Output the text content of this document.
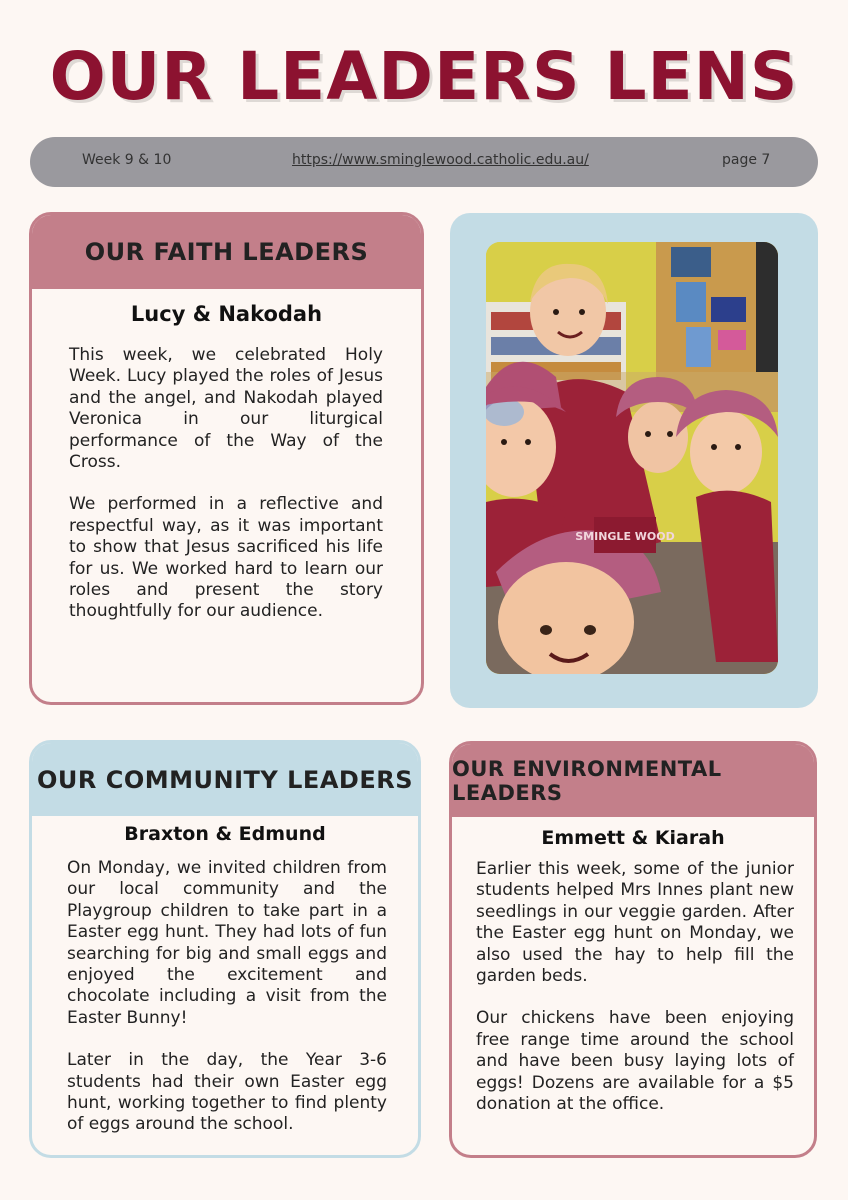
OUR LEADERS LENS
Week 9 & 10	https://www.sminglewood.catholic.edu.au/	page 7
OUR FAITH LEADERS
Lucy & Nakodah

This week, we celebrated Holy Week. Lucy played the roles of Jesus and the angel, and Nakodah played Veronica in our liturgical performance of the Way of the Cross.

We performed in a reflective and respectful way, as it was important to show that Jesus sacrificed his life for us. We worked hard to learn our roles and present the story thoughtfully for our audience.

SMINGLE WOOD
OUR COMMUNITY LEADERS
Braxton & Edmund

On Monday, we invited children from our local community and the Playgroup children to take part in a Easter egg hunt. They had lots of fun searching for big and small eggs and enjoyed the excitement and chocolate including a visit from the Easter Bunny!

Later in the day, the Year 3-6 students had their own Easter egg hunt, working together to find plenty of eggs around the school.

OUR ENVIRONMENTAL LEADERS
Emmett & Kiarah

Earlier this week, some of the junior students helped Mrs Innes plant new seedlings in our veggie garden. After the Easter egg hunt on Monday, we also used the hay to help fill the garden beds.

Our chickens have been enjoying free range time around the school and have been busy laying lots of eggs! Dozens are available for a $5 donation at the office.
